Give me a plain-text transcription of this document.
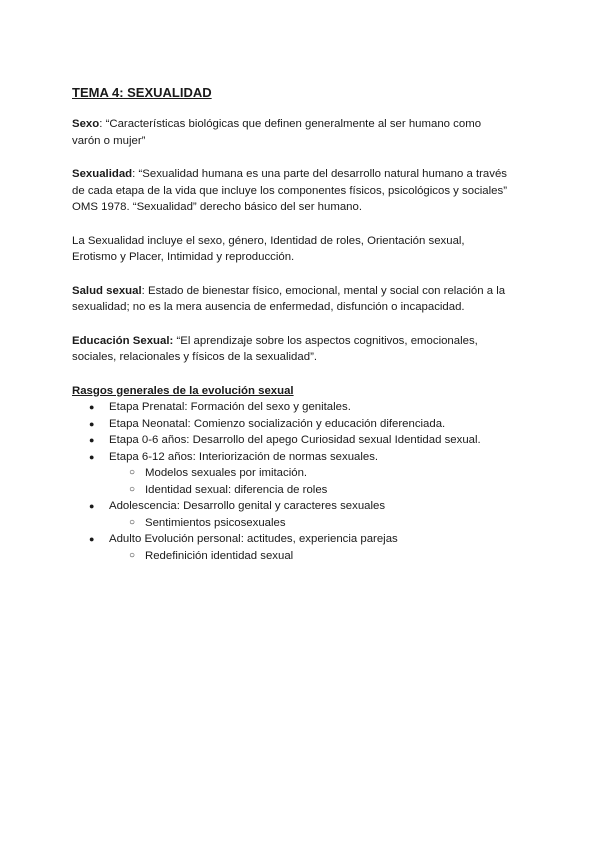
TEMA 4: SEXUALIDAD

Sexo: “Características biológicas que definen generalmente al ser humano como varón o mujer”

Sexualidad: “Sexualidad humana es una parte del desarrollo natural humano a través de cada etapa de la vida que incluye los componentes físicos, psicológicos y sociales” OMS 1978. “Sexualidad” derecho básico del ser humano.

La Sexualidad incluye el sexo, género, Identidad de roles, Orientación sexual, Erotismo y Placer, Intimidad y reproducción.

Salud sexual: Estado de bienestar físico, emocional, mental y social con relación a la sexualidad; no es la mera ausencia de enfermedad, disfunción o incapacidad.

Educación Sexual: “El aprendizaje sobre los aspectos cognitivos, emocionales, sociales, relacionales y físicos de la sexualidad”.

Rasgos generales de la evolución sexual
● Etapa Prenatal: Formación del sexo y genitales.
● Etapa Neonatal: Comienzo socialización y educación diferenciada.
● Etapa 0-6 años: Desarrollo del apego Curiosidad sexual Identidad sexual.
● Etapa 6-12 años: Interiorización de normas sexuales.
○ Modelos sexuales por imitación.
○ Identidad sexual: diferencia de roles
● Adolescencia: Desarrollo genital y caracteres sexuales
○ Sentimientos psicosexuales
● Adulto Evolución personal: actitudes, experiencia parejas
○ Redefinición identidad sexual
